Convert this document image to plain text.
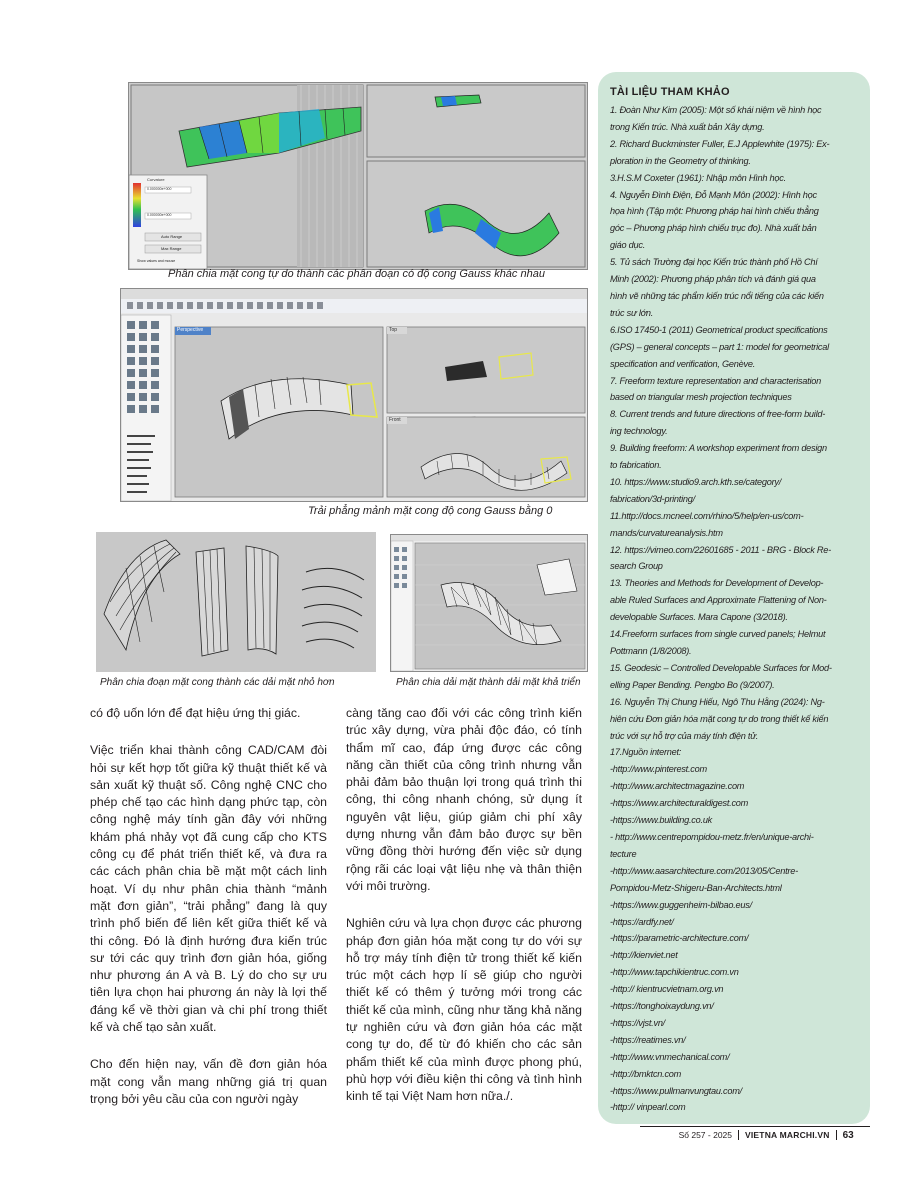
Curvature
0.000000e+000
0.000000e+000
Auto Range
Max Range
Show values and mouse
Phân chia mặt cong tự do thành các phân đoạn có độ cong Gauss khác nhau
Perspective	Top
Front
Trải phẳng mảnh mặt cong độ cong Gauss bằng 0
Phân chia đoạn mặt cong thành các dải mặt nhỏ hơn	Phân chia dải mặt thành dải mặt khả triển

có độ uốn lớn để đạt hiệu ứng thị giác.

Việc triển khai thành công CAD/CAM đòi hỏi sự kết hợp tốt giữa kỹ thuật thiết kế và sản xuất kỹ thuật số. Công nghệ CNC cho phép chế tạo các hình dạng phức tạp, còn công nghệ máy tính gần đây với những khám phá nhảy vọt đã cung cấp cho KTS công cụ để phát triển thiết kế, và đưa ra các cách phân chia bề mặt một cách linh hoạt. Ví dụ như phân chia thành “mảnh mặt đơn giản”, “trải phẳng” đang là quy trình phổ biến để liên kết giữa thiết kế và thi công. Đó là định hướng đưa kiến trúc sư tới các quy trình đơn giản hóa, giống như phương án A và B. Lý do cho sự ưu tiên lựa chọn hai phương án này là lợi thế đáng kể về thời gian và chi phí trong thiết kế và chế tạo sản xuất.

Cho đến hiện nay, vấn đề đơn giản hóa mặt cong vẫn mang những giá trị quan trọng bởi yêu cầu của con người ngày

càng tăng cao đối với các công trình kiến trúc xây dựng, vừa phải độc đáo, có tính thẩm mĩ cao, đáp ứng được các công năng cần thiết của công trình nhưng vẫn phải đảm bảo thuận lợi trong quá trình thi công, thi công nhanh chóng, sử dụng ít nguyên vật liệu, giúp giảm chi phí xây dựng nhưng vẫn đảm bảo được sự bền vững đồng thời hướng đến việc sử dụng rộng rãi các loại vật liệu nhẹ và thân thiện với môi trường.

Nghiên cứu và lựa chọn được các phương pháp đơn giản hóa mặt cong tự do với sự hỗ trợ máy tính điện tử trong thiết kế kiến trúc một cách hợp lí sẽ giúp cho người thiết kế có thêm ý tưởng mới trong các thiết kế của mình, cũng như tăng khả năng tự nghiên cứu và đơn giản hóa các mặt cong tự do, để từ đó khiến cho các sản phẩm thiết kế của mình được phong phú, phù hợp với điều kiện thi công và tình hình kinh tế tại Việt Nam hơn nữa./.

TÀI LIỆU THAM KHẢO
1. Đoàn Như Kim (2005): Một số khái niệm về hình học
trong Kiến trúc. Nhà xuất bản Xây dựng.
2. Richard Buckminster Fuller, E.J Applewhite (1975): Ex-
ploration in the Geometry of thinking.
3.H.S.M Coxeter (1961): Nhập môn Hình học.
4. Nguyễn Đình Điện, Đỗ Mạnh Môn (2002): Hình học
họa hình (Tập một: Phương pháp hai hình chiếu thẳng
góc – Phương pháp hình chiếu trục đo). Nhà xuất bản
giáo dục.
5. Tủ sách Trường đại học Kiến trúc thành phố Hồ Chí
Minh (2002): Phương pháp phân tích và đánh giá qua
hình vẽ những tác phẩm kiến trúc nổi tiếng của các kiến
trúc sư lớn.
6.ISO 17450-1 (2011) Geometrical product specifications
(GPS) – general concepts – part 1: model for geometrical
specification and verification, Genève.
7. Freeform texture representation and characterisation
based on triangular mesh projection techniques
8. Current trends and future directions of free-form build-
ing technology.
9. Building freeform: A workshop experiment from design
to fabrication.
10. https://www.studio9.arch.kth.se/category/
fabrication/3d-printing/
11.http://docs.mcneel.com/rhino/5/help/en-us/com-
mands/curvatureanalysis.htm
12. https://vimeo.com/22601685 - 2011 - BRG - Block Re-
search Group
13. Theories and Methods for Development of Develop-
able Ruled Surfaces and Approximate Flattening of Non-
developable Surfaces. Mara Capone (3/2018).
14.Freeform surfaces from single curved panels; Helmut
Pottmann (1/8/2008).
15. Geodesic – Controlled Developable Surfaces for Mod-
elling Paper Bending. Pengbo Bo (9/2007).
16. Nguyễn Thị Chung Hiếu, Ngô Thu Hằng (2024): Ng-
hiên cứu Đơn giản hóa mặt cong tự do trong thiết kế kiến
trúc với sự hỗ trợ của máy tính điện tử.
17.Nguồn internet:
-http://www.pinterest.com
-http://www.architectmagazine.com
-https://www.architecturaldigest.com
-https://www.building.co.uk
- http://www.centrepompidou-metz.fr/en/unique-archi-
tecture
-http://www.aasarchitecture.com/2013/05/Centre-
Pompidou-Metz-Shigeru-Ban-Architects.html
-https://www.guggenheim-bilbao.eus/
-https://ardfy.net/
-https://parametric-architecture.com/
-http://kienviet.net
-http://www.tapchikientruc.com.vn
-http:// kientrucvietnam.org.vn
-https://tonghoixaydung.vn/
-https://vjst.vn/
-https://reatimes.vn/
-http://www.vnmechanical.com/
-http://bmktcn.com
-https://www.pullmanvungtau.com/
-http:// vinpearl.com
Số 257 - 2025	VIETNA MARCHI.VN	63
